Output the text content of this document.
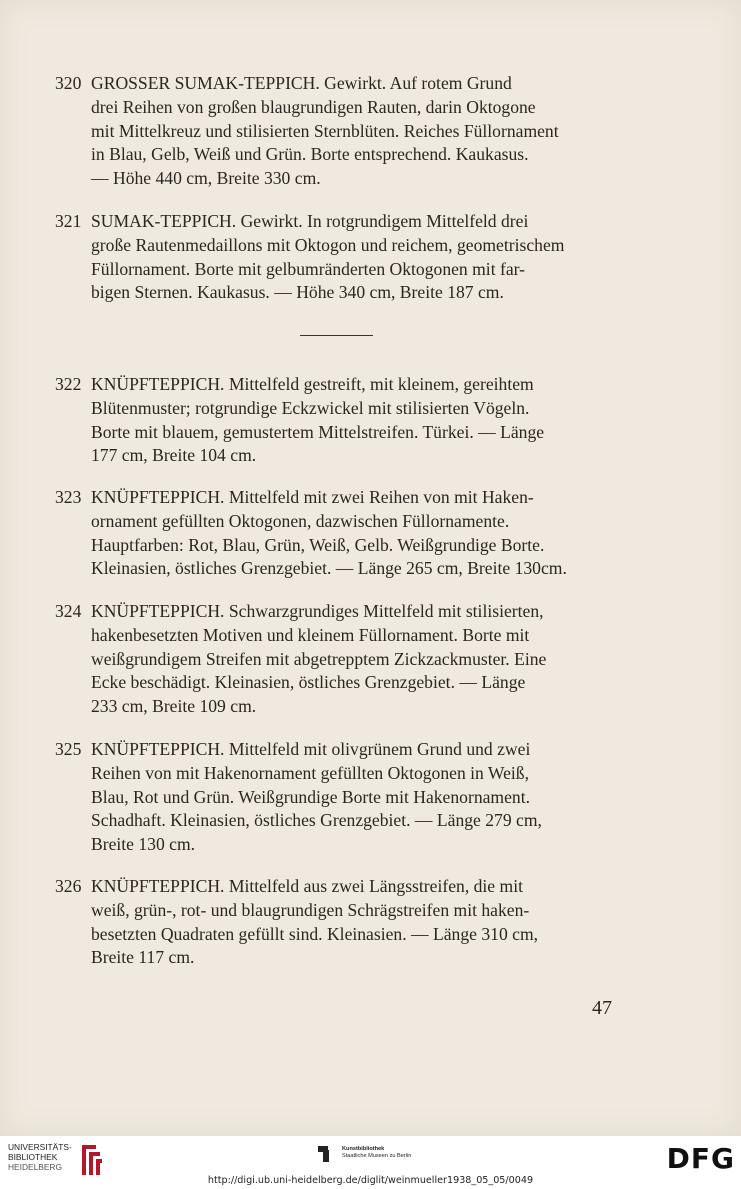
320 GROSSER SUMAK-TEPPICH. Gewirkt. Auf rotem Grund
drei Reihen von großen blaugrundigen Rauten, darin Oktogone
mit Mittelkreuz und stilisierten Sternblüten. Reiches Füllornament
in Blau, Gelb, Weiß und Grün. Borte entsprechend. Kaukasus.
— Höhe 440 cm, Breite 330 cm.
321 SUMAK-TEPPICH. Gewirkt. In rotgrundigem Mittelfeld drei
große Rautenmedaillons mit Oktogon und reichem, geometrischem
Füllornament. Borte mit gelbumränderten Oktogonen mit far-
bigen Sternen. Kaukasus. — Höhe 340 cm, Breite 187 cm.
322 KNÜPFTEPPICH. Mittelfeld gestreift, mit kleinem, gereihtem
Blütenmuster; rotgrundige Eckzwickel mit stilisierten Vögeln.
Borte mit blauem, gemustertem Mittelstreifen. Türkei. — Länge
177 cm, Breite 104 cm.
323 KNÜPFTEPPICH. Mittelfeld mit zwei Reihen von mit Haken-
ornament gefüllten Oktogonen, dazwischen Füllornamente.
Hauptfarben: Rot, Blau, Grün, Weiß, Gelb. Weißgrundige Borte.
Kleinasien, östliches Grenzgebiet. — Länge 265 cm, Breite 130cm.
324 KNÜPFTEPPICH. Schwarzgrundiges Mittelfeld mit stilisierten,
hakenbesetzten Motiven und kleinem Füllornament. Borte mit
weißgrundigem Streifen mit abgetrepptem Zickzackmuster. Eine
Ecke beschädigt. Kleinasien, östliches Grenzgebiet. — Länge
233 cm, Breite 109 cm.
325 KNÜPFTEPPICH. Mittelfeld mit olivgrünem Grund und zwei
Reihen von mit Hakenornament gefüllten Oktogonen in Weiß,
Blau, Rot und Grün. Weißgrundige Borte mit Hakenornament.
Schadhaft. Kleinasien, östliches Grenzgebiet. — Länge 279 cm,
Breite 130 cm.
326 KNÜPFTEPPICH. Mittelfeld aus zwei Längsstreifen, die mit
weiß, grün-, rot- und blaugrundigen Schrägstreifen mit haken-
besetzten Quadraten gefüllt sind. Kleinasien. — Länge 310 cm,
Breite 117 cm.
47
UNIVERSITÄTS-
BIBLIOTHEK
HEIDELBERG
Kunstbibliothek
Staatliche Museen zu Berlin	DFG
http://digi.ub.uni-heidelberg.de/diglit/weinmueller1938_05_05/0049
